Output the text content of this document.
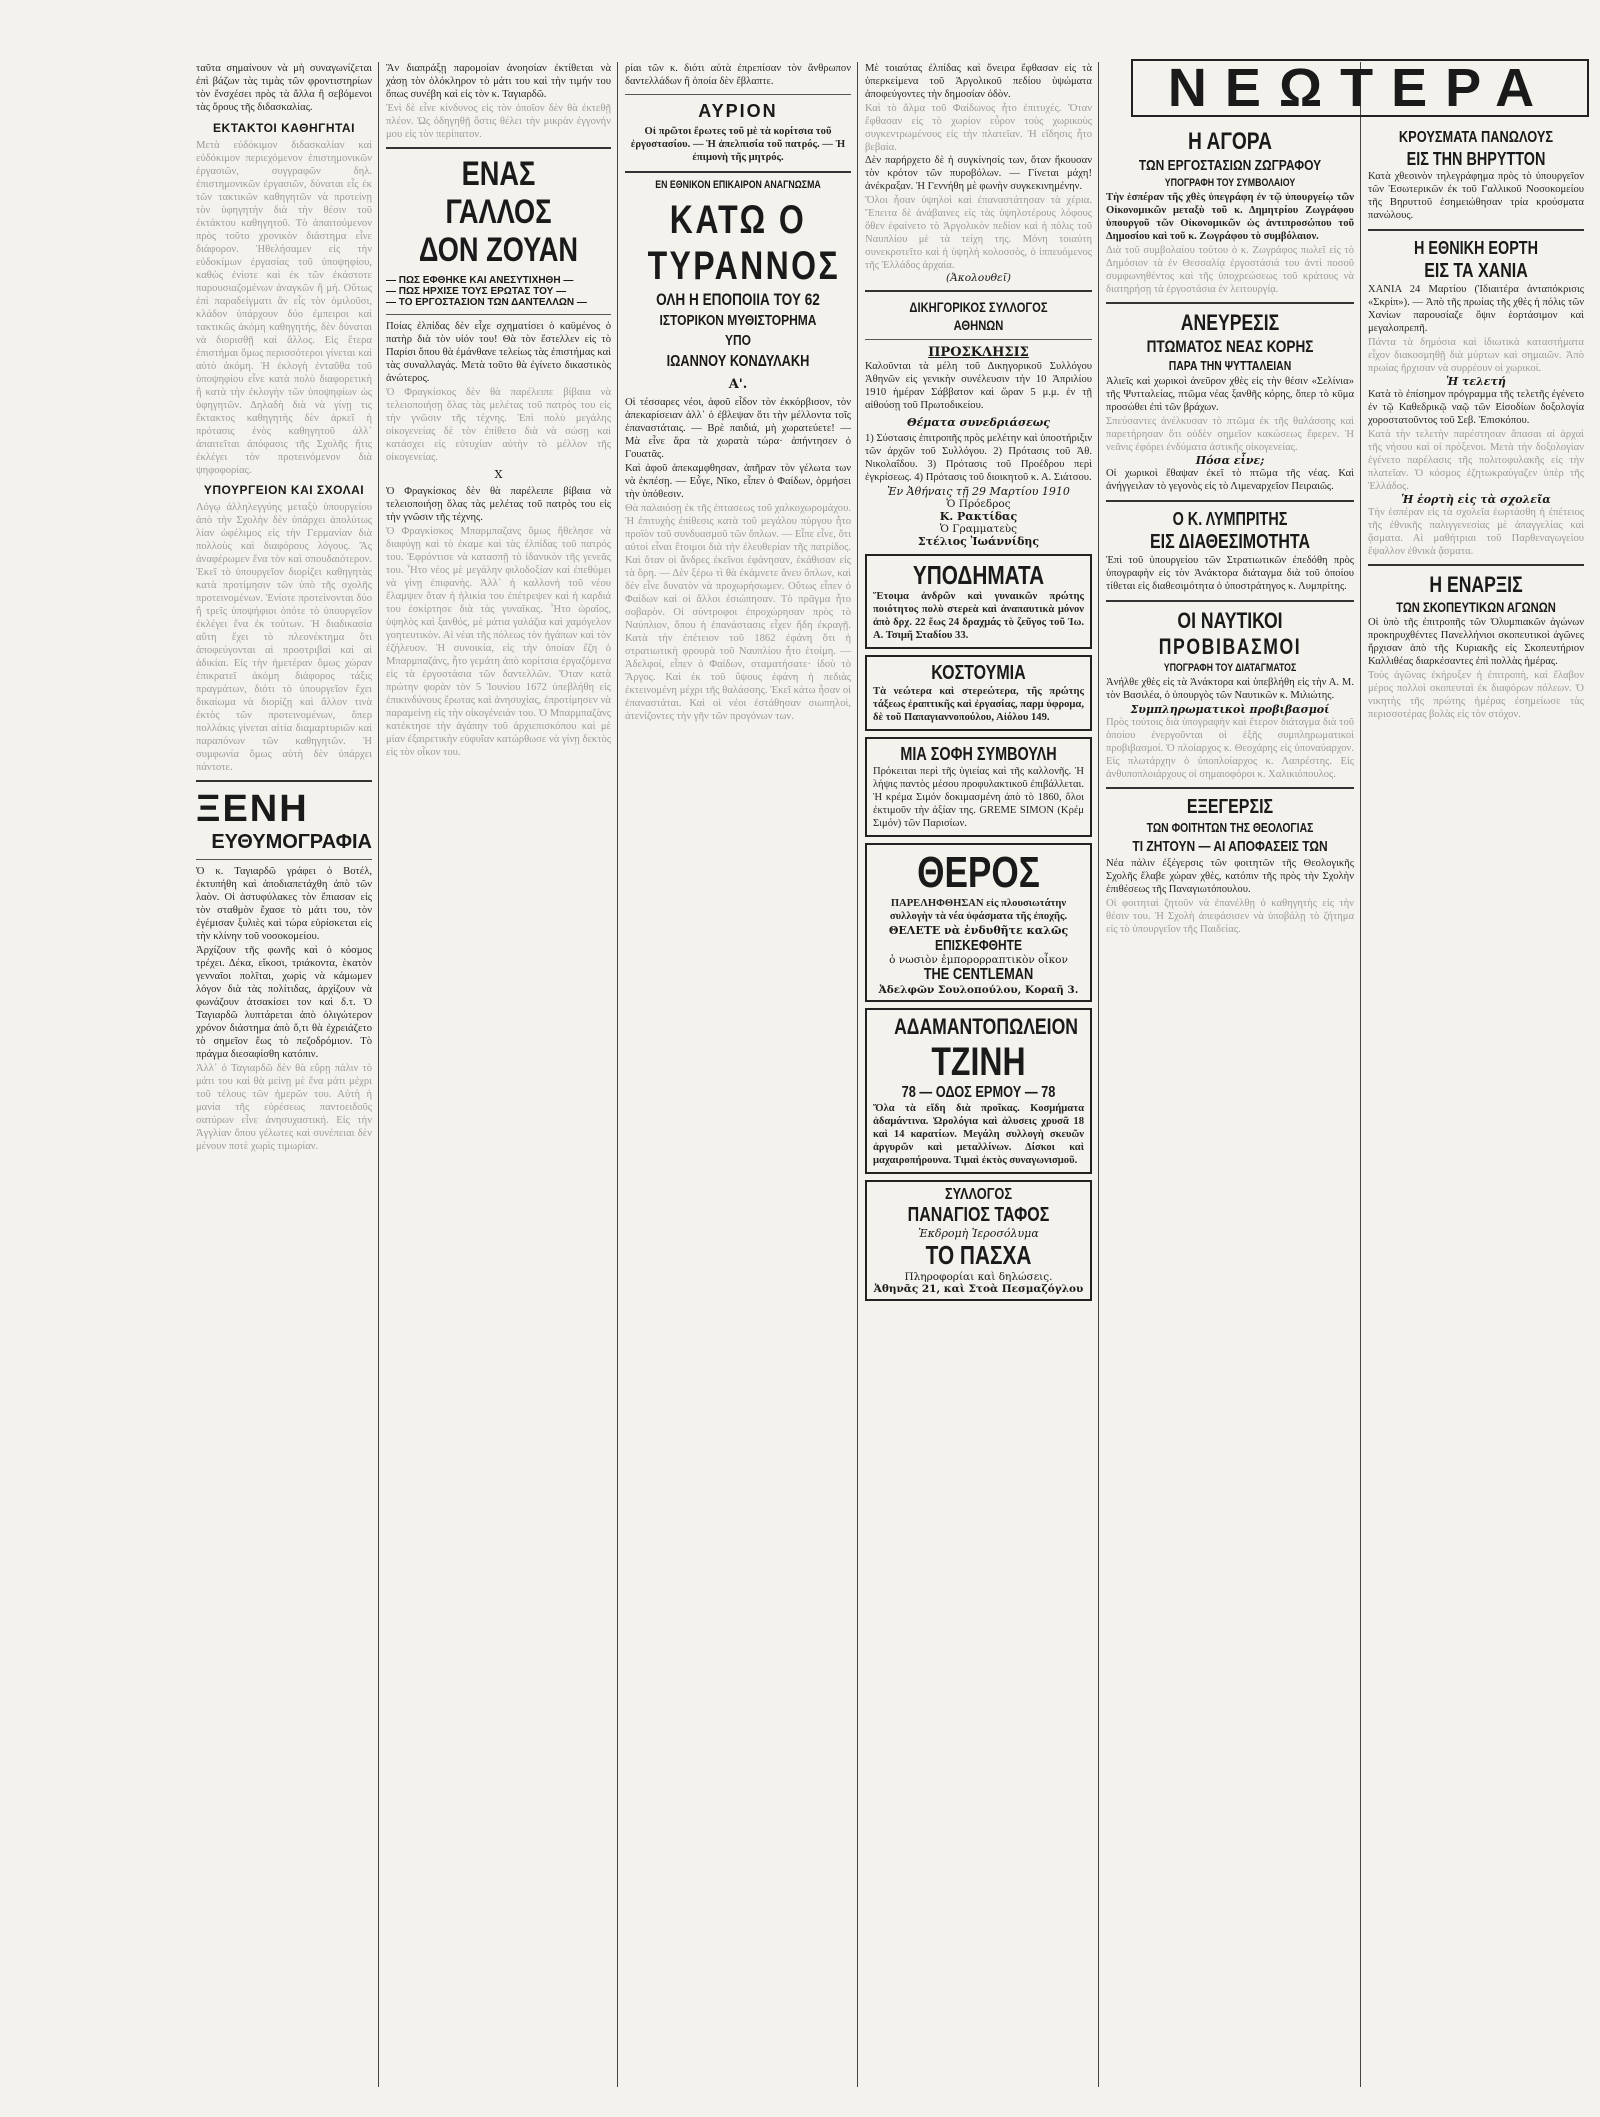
ταῦτα σημαίνουν νὰ μὴ συναγωνίζεται ἐπὶ βάζων τὰς τιμὰς τῶν φροντιστηρίων τὸν ἔνσχέσει πρὸς τὰ ἄλλα ἢ σεβόμενοι τὰς ὅρους τῆς διδασκαλίας.

ΕΚΤΑΚΤΟΙ ΚΑΘΗΓΗΤΑΙ

Μετὰ εὐδόκιμον διδασκαλίαν καὶ εὐδόκιμον περιεχόμενον ἐπιστημονικῶν ἐργασιῶν, συγγραφῶν δηλ. ἐπιστημονικῶν ἐργασιῶν, δύναται εἷς ἐκ τῶν τακτικῶν καθηγητῶν νὰ προτείνῃ τὸν ὑφηγητὴν διὰ τὴν θέσιν τοῦ ἐκτάκτου καθηγητοῦ. Τὸ ἀπαιτούμενον πρὸς τοῦτο χρονικὸν διάστημα εἶνε διάφορον. Ἠθελήσαμεν εἰς τὴν εὐδοκίμων ἐργασίας τοῦ ὑποψηφίου, καθὼς ἐνίοτε καὶ ἐκ τῶν ἐκάστοτε παρουσιαζομένων ἀναγκῶν ἢ μή. Οὕτως ἐπὶ παραδείγματι ἂν εἷς τὸν ὁμιλοῦσι, κλάδον ὑπάρχουν δύο ἐμπειροι καὶ τακτικῶς ἀκόμη καθηγητής, δὲν δύναται νὰ διορισθῇ καὶ ἄλλος. Εἰς ἔτερα ἐπιστήμαι ὅμως περισσότεροι γίνεται καὶ αὐτὸ ἀκόμη. Ἡ ἐκλογὴ ἐνταῦθα τοῦ ὑποψηφίου εἶνε κατὰ πολὺ διαφορετικὴ ἢ κατὰ τὴν ἐκλογὴν τῶν ὑποψηφίων ὡς ὑφηγητῶν. Δηλαδὴ διὰ νὰ γίνῃ τις ἔκτακτος καθηγητὴς δὲν ἀρκεῖ ἡ πρότασις ἑνὸς καθηγητοῦ ἀλλ᾽ ἀπαιτεῖται ἀπόφασις τῆς Σχολῆς ἥτις ἐκλέγει τὸν προτεινόμενον διὰ ψηφοφορίας.

ΥΠΟΥΡΓΕΙΟΝ ΚΑΙ ΣΧΟΛΑΙ

Λόγῳ ἀλληλεγγύης μεταξὺ ὑπουργείου ἀπὸ τὴν Σχολὴν δὲν ὑπάρχει ἀπολύτως λίαν ὠφέλιμος εἰς τὴν Γερμανίαν διὰ πολλοὺς καὶ διαφόρους λόγους. Ἂς ἀναφέρωμεν ἕνα τὸν καὶ σπουδαιότερον. Ἐκεῖ τὸ ὑπουργεῖον διορίζει καθηγητὰς κατὰ προτίμησιν τῶν ὑπὸ τῆς σχολῆς προτεινομένων. Ἐνίοτε προτείνονται δύο ἢ τρεῖς ὑποψήφιοι ὁπότε τὸ ὑπουργεῖον ἐκλέγει ἕνα ἐκ τούτων. Ἡ διαδικασία αὕτη ἔχει τὸ πλεονέκτημα ὅτι ἀποφεύγονται αἱ προστριβαὶ καὶ αἱ ἀδικίαι. Εἰς τὴν ἡμετέραν ὅμως χώραν ἐπικρατεῖ ἀκόμη διάφορος τάξις πραγμάτων, διότι τὸ ὑπουργεῖον ἔχει δικαίωμα νὰ διορίζῃ καὶ ἄλλον τινὰ ἐκτὸς τῶν προτεινομένων, ὅπερ πολλάκις γίνεται αἰτία διαμαρτυριῶν καὶ παραπόνων τῶν καθηγητῶν. Ἡ συμφωνία ὅμως αὐτὴ δὲν ὑπάρχει πάντοτε.

ΞΕΝΗ
ΕΥΘΥΜΟΓΡΑΦΙΑ

Ὁ κ. Ταγιαρδῶ γράφει ὁ Βοτέλ, ἐκτυπήθη καὶ ἀποδιαπετάχθη ἀπὸ τῶν λαὸν. Οἱ ἀστυφύλακες τὸν ἔπιασαν εἰς τὸν σταθμὸν ἔχασε τὸ μάτι του, τὸν ἐγέμισαν ξυλιὲς καὶ τώρα εὑρίσκεται εἰς τὴν κλίνην τοῦ νοσοκομείου.

Ἀρχίζουν τῆς φωνῆς καὶ ὁ κόσμος τρέχει. Δέκα, εἴκοσι, τριάκοντα, ἑκατὸν γενναῖοι πολῖται, χωρὶς νὰ κάμωμεν λόγον διὰ τὰς πολίτιδας, ἀρχίζουν νὰ φωνάζουν ἀτσακίσει τον καὶ δ.τ. Ὁ Ταγιαρδῶ λυπτάρεται ἀπὸ ὀλιγώτερον χρόνον διάστημα ἀπὸ ὅ,τι θὰ ἐχρειάζετο τὸ σημεῖον ἔως τὸ πεζοδρόμιον. Τὸ πράγμα διεσαφίσθη κατόπιν.

Ἀλλ᾽ ὁ Ταγιαρδῶ δὲν θὰ εὕρῃ πάλιν τὸ μάτι του καὶ θὰ μείνῃ μὲ ἕνα μάτι μέχρι τοῦ τέλους τῶν ἡμερῶν του. Αὐτὴ ἡ μανία τῆς εὑρέσεως παντοειδοῦς σατύρων εἶνε ἀνησυχαστική. Εἰς τὴν Ἀγγλίαν ὅπου γέλωτες καὶ συνέπειαι δὲν μένουν ποτὲ χωρὶς τιμωρίαν.

Ἂν διαπράξῃ παρομοίαν ἀνοησίαν ἐκτίθεται νὰ χάσῃ τὸν ὁλόκληρον τὸ μάτι του καὶ τὴν τιμήν του ὅπως συνέβη καὶ εἰς τὸν κ. Ταγιαρδῶ.

Ἐνὶ δὲ εἶνε κίνδυνος εἰς τὸν ὁποῖον δὲν θὰ ἐκτεθῇ πλέον. Ὡς ὁδηγηθῇ ὅστις θέλει τὴν μικρὰν ἐγγονήν μου εἰς τὸν περίπατον.

ΕΝΑΣ ΓΑΛΛΟΣ
ΔΟΝ ΖΟΥΑΝ
— ΠΩΣ ΕΦΘΗΚΕ ΚΑΙ ΑΝΕΣΥΤΙΧΗΘΗ —
— ΠΩΣ ΗΡΧΙΣΕ ΤΟΥΣ ΕΡΩΤΑΣ ΤΟΥ —
— ΤΟ ΕΡΓΟΣΤΑΣΙΟΝ ΤΩΝ ΔΑΝΤΕΛΛΩΝ —

Ποίας ἐλπίδας δὲν εἶχε σχηματίσει ὁ καϋμένος ὁ πατὴρ διὰ τὸν υἱόν του! Θὰ τὸν ἔστελλεν εἰς τὸ Παρίσι ὅπου θὰ ἐμάνθανε τελείως τὰς ἐπιστήμας καὶ τὰς συναλλαγάς. Μετὰ τοῦτο θὰ ἐγίνετο δικαστικὸς ἀνώτερος.

Ὁ Φραγκίσκος δὲν θὰ παρέλειπε βίβαια νὰ τελειοποιήσῃ ὅλας τὰς μελέτας τοῦ πατρὸς του εἰς τὴν γνῶσιν τῆς τέχνης. Ἐπὶ πολὺ μεγάλης οἰκογενείας δὲ τὸν ἐπίθετο διὰ νὰ σώσῃ καὶ κατάσχει εἰς εὐτυχίαν αὐτὴν τὸ μέλλον τῆς οἰκογενείας.

X

Ὁ Φραγκίσκος δὲν θὰ παρέλειπε βίβαια νὰ τελειοποιήσῃ ὅλας τὰς μελέτας τοῦ πατρὸς του εἰς τὴν γνῶσιν τῆς τέχνης.

Ὁ Φραγκίσκος Μπαρμπαζανς ὅμως ἤθελησε νὰ διαφύγῃ καὶ τὸ ἐκαμε καὶ τὰς ἐλπίδας τοῦ πατρός του. Ἐφρόντισε νὰ κατασπῇ τὸ ἰδανικὸν τῆς γενεᾶς του. Ἦτο νέος μὲ μεγάλην φιλοδοξίαν καὶ ἐπεθύμει νὰ γίνῃ ἐπιφανὴς. Ἀλλ᾽ ἡ καλλονὴ τοῦ νέου ἔλαμψεν ὅταν ἡ ἡλικία του ἐπέτρεψεν καὶ ἡ καρδιά του ἐσκίρτησε διὰ τὰς γυναῖκας. Ἦτο ὡραῖος, ὑψηλὸς καὶ ξανθός, μὲ μάτια γαλάζια καὶ χαμόγελον γοητευτικὸν. Αἱ νέαι τῆς πόλεως τὸν ἠγάπων καὶ τὸν ἐζήλευον. Ἡ συνοικία, εἰς τὴν ὁποίαν ἔζη ὁ Μπαρμπαζάνς, ἦτο γεμάτη ἀπὸ κορίτσια ἐργαζόμενα εἰς τὰ ἐργοστάσια τῶν δαντελλῶν. Ὅταν κατὰ πρώτην φορὰν τὸν 5 Ἰουνίου 1672 ὑπεβλήθη εἰς ἐπικινδύνους ἔρωτας καὶ ἀνησυχίας, ἐπροτίμησεν νὰ παραμείνῃ εἰς τὴν οἰκογένειάν του. Ὁ Μπαρμπαζὰνς κατέκτησε τὴν ἀγάπην τοῦ ἀρχιεπισκόπου καὶ μὲ μίαν ἐξαιρετικὴν εὐφυΐαν κατώρθωσε νὰ γίνῃ δεκτὸς εἰς τὸν οἶκον του.

ρίαι τῶν κ. διότι αὐτὰ ἐπρεπίσαν τὸν ἄνθρωπον δαντελλάδων ἢ ὁποία δὲν ἔβλαπτε.

ΑΥΡΙΟΝ

Οἱ πρῶτοι ἔρωτες τοῦ μὲ τὰ κορίτσια τοῦ ἐργοστασίου. — Ἡ ἀπελπισία τοῦ πατρός. — Ἡ ἐπιμονὴ τῆς μητρός.

ΕΝ ΕΘΝΙΚΟΝ ΕΠΙΚΑΙΡΟΝ ΑΝΑΓΝΩΣΜΑ
ΚΑΤΩ Ο ΤΥΡΑΝΝΟΣ
ΟΛΗ Η ΕΠΟΠΟΙΙΑ ΤΟΥ 62
ΙΣΤΟΡΙΚΟΝ ΜΥΘΙΣΤΟΡΗΜΑ ΥΠΟ
ΙΩΑΝΝΟΥ ΚΟΝΔΥΛΑΚΗ
Α'.

Οἱ τέσσαρες νέοι, ἀφοῦ εἶδον τὸν ἐκκόρβισον, τὸν ἀπεκαρίσειαν ἀλλ᾽ ὁ ἐβλεψαν ὅτι τὴν μέλλοντα τοῖς ἐπαναστάταις. — Βρὲ παιδιά, μὴ χωρατεύετε! — Μὰ εἶνε ἄρα τὰ χωρατὰ τώρα· ἀπήντησεν ὁ Γουατᾶς.

Καὶ ἀφοῦ ἀπεκαμφθησαν, ἀπῆραν τὸν γέλωτα των νὰ ἐκπέσῃ. — Εὖγε, Νῖκο, εἶπεν ὁ Φαίδων, ὁρμήσει τὴν ὑπόθεσιν.

Θὰ παλαιόσῃ ἐκ τῆς ἐπτασεως τοῦ χαλκοχωρομάχου. Ἡ ἐπιτυχὴς ἐπίθεσις κατὰ τοῦ μεγάλου πύργου ἦτο προϊὸν τοῦ συνδυασμοῦ τῶν ὅπλων. — Εἶπε εἶνε, ὅτι αὐτοὶ εἶναι ἔτοιμοι διὰ τὴν ἐλευθερίαν τῆς πατρίδος. Καὶ ὅταν οἱ ἄνδρες ἐκεῖνοι ἐφάνησαν, ἐκάθισαν εἰς τὰ ὄρη. — Δὲν ξέρω τὶ θὰ ἐκάμνετε ἄνευ ὅπλων, καὶ δὲν εἶνε δυνατὸν νὰ προχωρήσωμεν. Οὕτως εἶπεν ὁ Φαίδων καὶ οἱ ἄλλοι ἐσιώπησαν. Τὸ πρᾶγμα ἦτο σοβαρὸν. Οἱ σύντροφοι ἐπροχώρησαν πρὸς τὸ Ναύπλιον, ὅπου ἡ ἐπανάστασις εἶχεν ἤδη ἐκραγῇ. Κατὰ τὴν ἐπέτειον τοῦ 1862 ἐφάνη ὅτι ἡ στρατιωτικὴ φρουρὰ τοῦ Ναυπλίου ἦτο ἑτοίμη. — Ἀδελφοί, εἶπεν ὁ Φαίδων, σταματήσατε· ἰδοὺ τὸ Ἄργος. Καὶ ἐκ τοῦ ὕψους ἐφάνη ἡ πεδιὰς ἐκτεινομένη μέχρι τῆς θαλάσσης. Ἐκεῖ κάτω ἦσαν οἱ ἐπαναστάται. Καὶ οἱ νέοι ἐστάθησαν σιωπηλοὶ, ἀτενίζοντες τὴν γῆν τῶν προγόνων των.

Μὲ τοιαύτας ἐλπίδας καὶ ὄνειρα ἔφθασαν εἰς τὰ ὑπερκείμενα τοῦ Ἀργολικοῦ πεδίου ὑψώματα ἀποφεύγοντες τὴν δημοσίαν ὁδὸν.

Καὶ τὸ ἄλμα τοῦ Φαίδωνος ἦτο ἐπιτυχές. Ὅταν ἔφθασαν εἰς τὸ χωρίον εὗρον τοὺς χωρικοὺς συγκεντρωμένους εἰς τὴν πλατεῖαν. Ἡ εἴδησις ἦτο βεβαία.

Δὲν παρήρχετο δὲ ἡ συγκίνησίς των, ὅταν ἤκουσαν τὸν κρότον τῶν πυροβόλων. — Γίνεται μάχη! ἀνέκραξαν. Ἡ Γεννήθη μὲ φωνὴν συγκεκινημένην.

Ὅλοι ἦσαν ὑψηλοὶ καὶ ἐπαναστάτησαν τὰ χέρια. Ἔπειτα δὲ ἀνάβαινες εἰς τὰς ὑψηλοτέρους λόφους ὅθεν ἐφαίνετο τὸ Ἀργολικὸν πεδίον καὶ ἡ πόλις τοῦ Ναυπλίου μὲ τὰ τείχη της. Μόνη τοιαύτη συνεκροτεῖτο καὶ ἡ ὑψηλὴ κολοσσὸς, ὁ ἱππευόμενος τῆς Ἐλλάδος ἀρχαία.

(Ἀκολουθεῖ)
ΔΙΚΗΓΟΡΙΚΟΣ ΣΥΛΛΟΓΟΣ ΑΘΗΝΩΝ
ΠΡΟΣΚΛΗΣΙΣ

Καλοῦνται τὰ μέλη τοῦ Δικηγορικοῦ Συλλόγου Ἀθηνῶν εἰς γενικὴν συνέλευσιν τὴν 10 Ἀπριλίου 1910 ἡμέραν Σάββατον καὶ ὥραν 5 μ.μ. ἐν τῇ αἰθούσῃ τοῦ Πρωτοδικείου.

Θέματα συνεδριάσεως

1) Σύστασις ἐπιτροπῆς πρὸς μελέτην καὶ ὑποστήριξιν τῶν ἀρχῶν τοῦ Συλλόγου. 2) Πρότασις τοῦ Ἀθ. Νικολαΐδου. 3) Πρότασις τοῦ Προέδρου περὶ ἐγκρίσεως. 4) Πρότασις τοῦ διοικητοῦ κ. Α. Σιάτσου.

Ἐν Ἀθήναις τῇ 29 Μαρτίου 1910
Ὁ Πρόεδρος
Κ. Ρακτίδας
Ὁ Γραμματεὺς
Στέλιος Ἰωάννίδης
ΥΠΟΔΗΜΑΤΑ

Ἕτοιμα ἀνδρῶν καὶ γυναικῶν πρώτης ποιότητος πολὺ στερεὰ καὶ ἀναπαυτικὰ μόνον ἀπὸ δρχ. 22 ἕως 24 δραχμάς τὸ ζεῦγος τοῦ Ἰω. Α. Τσιμῆ Σταδίου 33.

ΚΟΣΤΟΥΜΙΑ

Τὰ νεώτερα καὶ στερεώτερα, τῆς πρώτης τάξεως ἐραπτικῆς καὶ ἐργασίας, παρμ ὑφρομα, δὲ τοῦ Παπαγιαννοπούλου, Αἰόλου 149.

ΜΙΑ ΣΟΦΗ ΣΥΜΒΟΥΛΗ

Πρόκειται περὶ τῆς ὑγιείας καὶ τῆς καλλονῆς. Ἡ λήψις παντὸς μέσου προφυλακτικοῦ ἐπιβάλλεται. Ἡ κρέμα Σιμόν δοκιμασμένη ἀπὸ τὸ 1860, ὅλοι ἐκτιμοῦν τὴν ἀξίαν της. GREME SIMON (Κρέμ Σιμόν) τῶν Παρισίων.

ΘΕΡΟΣ

ΠΑΡΕΛΗΦΘΗΣΑΝ εἰς πλουσιωτάτην συλλογὴν τὰ νέα ὑφάσματα τῆς ἐποχῆς.

ΘΕΛΕΤΕ νὰ ἐνδυθῆτε καλῶς
ΕΠΙΣΚΕΦΘΗΤΕ
ὁ νωσιὸν ἐμπορορραπτικὸν οἶκον
THE CENTLEMAN
Ἀδελφῶν Σουλοπούλου, Κοραῆ 3.
ΑΔΑΜΑΝΤΟΠΩΛΕΙΟΝ
ΤΖΙΝΗ
78 — ΟΔΟΣ ΕΡΜΟΥ — 78

Ὅλα τὰ εἴδη διὰ προῖκας. Κοσμήματα ἀδαμάντινα. Ὡρολόγια καὶ ἀλυσεις χρυσᾶ 18 καὶ 14 καρατίων. Μεγάλη συλλογὴ σκευῶν ἀργυρῶν καὶ μεταλλίνων. Δίσκοι καὶ μαχαιροπήρουνα. Τιμαὶ ἐκτὸς συναγωνισμοῦ.

ΣΥΛΛΟΓΟΣ
ΠΑΝΑΓΙΟΣ ΤΑΦΟΣ
Ἐκδρομὴ Ἱεροσόλυμα
ΤΟ ΠΑΣΧΑ
Πληροφορίαι καὶ δηλώσεις.
Ἀθηνᾶς 21, καὶ Στοὰ Πεσμαζόγλου
ΝΕΩΤΕΡΑ
Η ΑΓΟΡΑ
ΤΩΝ ΕΡΓΟΣΤΑΣΙΩΝ ΖΩΓΡΑΦΟΥ
ΥΠΟΓΡΑΦΗ ΤΟΥ ΣΥΜΒΟΛΑΙΟΥ

Τὴν ἑσπέραν τῆς χθὲς ὑπεγράφη ἐν τῷ ὑπουργείῳ τῶν Οἰκονομικῶν μεταξὺ τοῦ κ. Δημητρίου Ζωγράφου ὑπουργοῦ τῶν Οἰκονομικῶν ὡς ἀντιπροσώπου τοῦ Δημοσίου καὶ τοῦ κ. Ζωγράφου τὸ συμβόλαιον.

Διὰ τοῦ συμβολαίου τούτου ὁ κ. Ζωγράφος πωλεῖ εἰς τὸ Δημόσιον τὰ ἐν Θεσσαλίᾳ ἐργοστάσιά του ἀντὶ ποσοῦ συμφωνηθέντος καὶ τῆς ὑποχρεώσεως τοῦ κράτους νὰ διατηρήσῃ τὰ ἐργοστάσια ἐν λειτουργίᾳ.

ΑΝΕΥΡΕΣΙΣ
ΠΤΩΜΑΤΟΣ ΝΕΑΣ ΚΟΡΗΣ
ΠΑΡΑ ΤΗΝ ΨΥΤΤΑΛΕΙΑΝ

Ἁλιεῖς καὶ χωρικοὶ ἀνεῦρον χθὲς εἰς τὴν θέσιν «Σελίνια» τῆς Ψυτταλείας, πτῶμα νέας ξανθῆς κόρης, ὅπερ τὸ κῦμα προσώθει ἐπὶ τῶν βράχων.

Σπεύσαντες ἀνέλκυσαν τὸ πτῶμα ἐκ τῆς θαλάσσης καὶ παρετήρησαν ὅτι οὐδὲν σημεῖον κακώσεως ἔφερεν. Ἡ νεᾶνις ἐφόρει ἐνδύματα ἀστικῆς οἰκογενείας.

Πόσα εἶνε;

Οἱ χωρικοὶ ἔθαψαν ἐκεῖ τὸ πτῶμα τῆς νέας. Καὶ ἀνήγγειλαν τὸ γεγονὸς εἰς τὸ Λιμεναρχεῖον Πειραιῶς.

Ο Κ. ΛΥΜΠΡΙΤΗΣ
ΕΙΣ ΔΙΑΘΕΣΙΜΟΤΗΤΑ

Ἐπὶ τοῦ ὑπουργείου τῶν Στρατιωτικῶν ἐπεδόθη πρὸς ὑπογραφὴν εἰς τὸν Ἀνάκτορα διάταγμα διὰ τοῦ ὁποίου τίθεται εἰς διαθεσιμότητα ὁ ὑποστράτηγος κ. Λυμπρίτης.

ΟΙ ΝΑΥΤΙΚΟΙ
ΠΡΟΒΙΒΑΣΜΟΙ
ΥΠΟΓΡΑΦΗ ΤΟΥ ΔΙΑΤΑΓΜΑΤΟΣ

Ἀνήλθε χθὲς εἰς τὰ Ἀνάκτορα καὶ ὑπεβλήθη εἰς τὴν Α. Μ. τὸν Βασιλέα, ὁ ὑπουργὸς τῶν Ναυτικῶν κ. Μιλιώτης.

Συμπληρωματικοὶ προβιβασμοί

Πρὸς τούτοις διὰ ὑπογραφὴν καὶ ἕτερον διάταγμα διὰ τοῦ ὁποίου ἐνεργοῦνται οἱ ἑξῆς συμπληρωματικοὶ προβιβασμοί. Ὁ πλοίαρχος κ. Θεοχάρης εἰς ὑποναύαρχον. Εἰς πλωτάρχην ὁ ὑποπλοίαρχος κ. Λαπρέστης. Εἰς ἀνθυποπλοιάρχους οἱ σημαιοφόροι κ. Χαλικιόπουλος.

ΕΞΕΓΕΡΣΙΣ
ΤΩΝ ΦΟΙΤΗΤΩΝ ΤΗΣ ΘΕΟΛΟΓΙΑΣ
ΤΙ ΖΗΤΟΥΝ — ΑΙ ΑΠΟΦΑΣΕΙΣ ΤΩΝ

Νέα πάλιν ἐξέγερσις τῶν φοιτητῶν τῆς Θεολογικῆς Σχολῆς ἔλαβε χώραν χθὲς, κατόπιν τῆς πρὸς τὴν Σχολὴν ἐπιθέσεως τῆς Παναγιωτόπουλου.

Οἱ φοιτηταὶ ζητοῦν νὰ ἐπανέλθῃ ὁ καθηγητὴς εἰς τὴν θέσιν του. Ἡ Σχολὴ ἀπεφάσισεν νὰ ὑποβάλῃ τὸ ζήτημα εἰς τὸ ὑπουργεῖον τῆς Παιδείας.

ΚΡΟΥΣΜΑΤΑ ΠΑΝΩΛΟΥΣ
ΕΙΣ ΤΗΝ ΒΗΡΥΤΤΟΝ

Κατὰ χθεσινὸν τηλεγράφημα πρὸς τὸ ὑπουργεῖον τῶν Ἐσωτερικῶν ἐκ τοῦ Γαλλικοῦ Νοσοκομείου τῆς Βηρυττοῦ ἐσημειώθησαν τρία κρούσματα πανώλους.

Η ΕΘΝΙΚΗ ΕΟΡΤΗ
ΕΙΣ ΤΑ ΧΑΝΙΑ

ΧΑΝΙΑ 24 Μαρτίου (Ἰδιαιτέρα ἀνταπόκρισις «Σκρίπ»). — Ἀπὸ τῆς πρωίας τῆς χθὲς ἡ πόλις τῶν Χανίων παρουσίαζε ὄψιν ἑορτάσιμον καὶ μεγαλοπρεπῆ.

Πάντα τὰ δημόσια καὶ ἰδιωτικὰ καταστήματα εἶχον διακοσμηθῇ διὰ μύρτων καὶ σημαιῶν. Ἀπὸ πρωίας ἤρχισαν νὰ συρρέουν οἱ χωρικοί.

Ἡ τελετή

Κατὰ τὸ ἐπίσημον πρόγραμμα τῆς τελετῆς ἐγένετο ἐν τῷ Καθεδρικῷ ναῷ τῶν Εἰσοδίων δοξολογία χοροστατοῦντος τοῦ Σεβ. Ἐπισκόπου.

Κατὰ τὴν τελετὴν παρέστησαν ἅπασαι αἱ ἀρχαὶ τῆς νήσου καὶ οἱ πρόξενοι. Μετὰ τὴν δοξολογίαν ἐγένετο παρέλασις τῆς πολιτοφυλακῆς εἰς τὴν πλατεῖαν. Ὁ κόσμος ἐζητωκραύγαζεν ὑπὲρ τῆς Ἑλλάδος.

Ἡ ἑορτὴ εἰς τὰ σχολεῖα

Τὴν ἑσπέραν εἰς τὰ σχολεῖα ἐωρτάσθη ἡ ἐπέτειος τῆς ἐθνικῆς παλιγγενεσίας μὲ ἀπαγγελίας καὶ ᾄσματα. Αἱ μαθήτριαι τοῦ Παρθεναγωγείου ἔψαλλον ἐθνικὰ ᾄσματα.

Η ΕΝΑΡΞΙΣ
ΤΩΝ ΣΚΟΠΕΥΤΙΚΩΝ ΑΓΩΝΩΝ

Οἱ ὑπὸ τῆς ἐπιτροπῆς τῶν Ὀλυμπιακῶν ἀγώνων προκηρυχθέντες Πανελλήνιοι σκοπευτικοὶ ἀγῶνες ἤρχισαν ἀπὸ τῆς Κυριακῆς εἰς Σκοπευτήριον Καλλιθέας διαρκέσαντες ἐπὶ πολλὰς ἡμέρας.

Τοὺς ἀγῶνας ἐκήρυξεν ἡ ἐπιτροπὴ, καὶ ἔλαβον μέρος πολλοὶ σκοπευταὶ ἐκ διαφόρων πόλεων. Ὁ νικητὴς τῆς πρώτης ἡμέρας ἐσημείωσε τὰς περισσοτέρας βολὰς εἰς τὸν στόχον.
